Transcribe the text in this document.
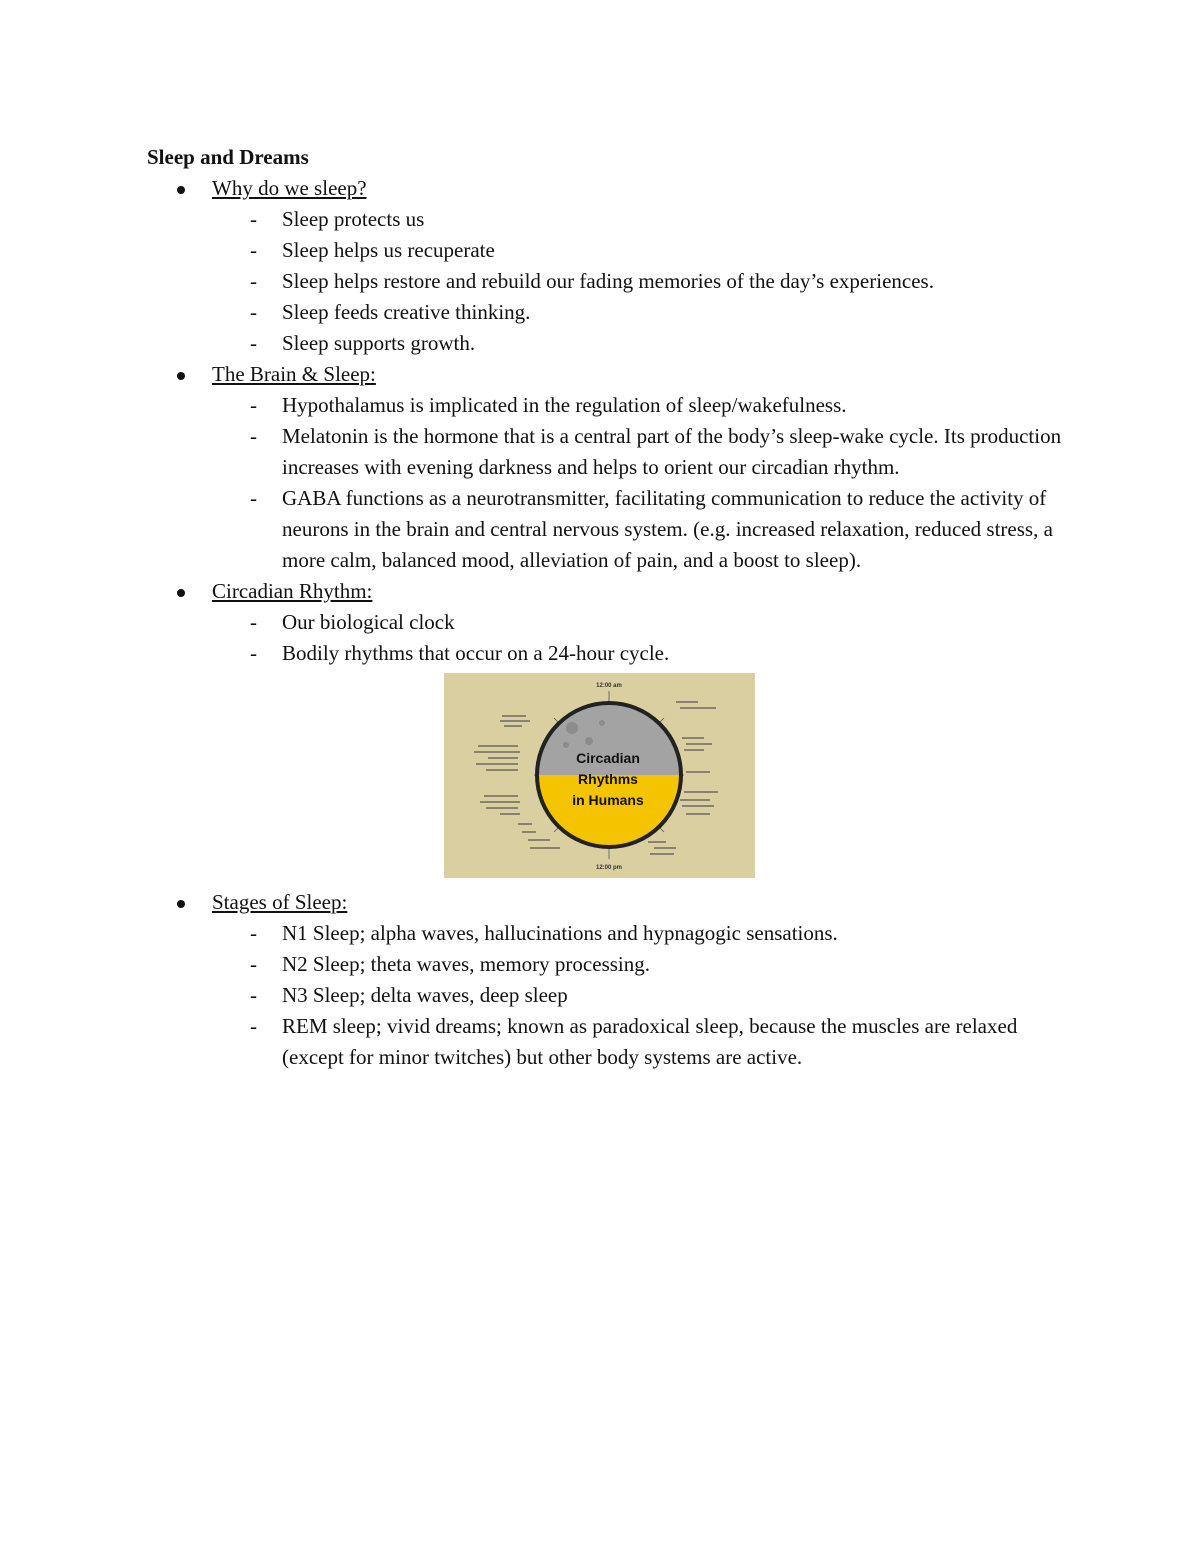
Sleep and Dreams
Why do we sleep?
- Sleep protects us
- Sleep helps us recuperate
- Sleep helps restore and rebuild our fading memories of the day’s experiences.
- Sleep feeds creative thinking.
- Sleep supports growth.
The Brain & Sleep:
- Hypothalamus is implicated in the regulation of sleep/wakefulness.
- Melatonin is the hormone that is a central part of the body’s sleep-wake cycle. Its production increases with evening darkness and helps to orient our circadian rhythm.
- GABA functions as a neurotransmitter, facilitating communication to reduce the activity of neurons in the brain and central nervous system. (e.g. increased relaxation, reduced stress, a more calm, balanced mood, alleviation of pain, and a boost to sleep).
Circadian Rhythm:
- Our biological clock
- Bodily rhythms that occur on a 24-hour cycle.
Circadian
Rhythms
in Humans
12:00 am
12:00 pm
Stages of Sleep:
- N1 Sleep; alpha waves, hallucinations and hypnagogic sensations.
- N2 Sleep; theta waves, memory processing.
- N3 Sleep; delta waves, deep sleep
- REM sleep; vivid dreams; known as paradoxical sleep, because the muscles are relaxed (except for minor twitches) but other body systems are active.
